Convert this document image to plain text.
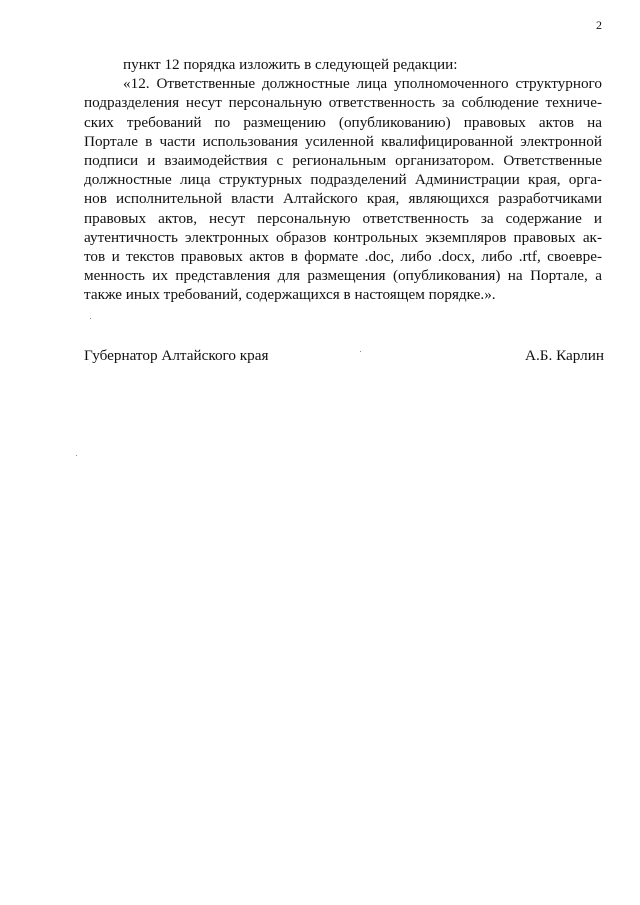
2
пункт 12 порядка изложить в следующей редакции:
«12. Ответственные должностные лица уполномоченного структурного
подразделения несут персональную ответственность за соблюдение техниче-
ских требований по размещению (опубликованию) правовых актов на
Портале в части использования усиленной квалифицированной электронной
подписи и взаимодействия с региональным организатором. Ответственные
должностные лица структурных подразделений Администрации края, орга-
нов исполнительной власти Алтайского края, являющихся разработчиками
правовых актов, несут персональную ответственность за содержание и
аутентичность электронных образов контрольных экземпляров правовых ак-
тов и текстов правовых актов в формате .doc, либо .docx, либо .rtf, своевре-
менность их представления для размещения (опубликования) на Портале, а
также иных требований, содержащихся в настоящем порядке.».
Губернатор Алтайского края	А.Б. Карлин
